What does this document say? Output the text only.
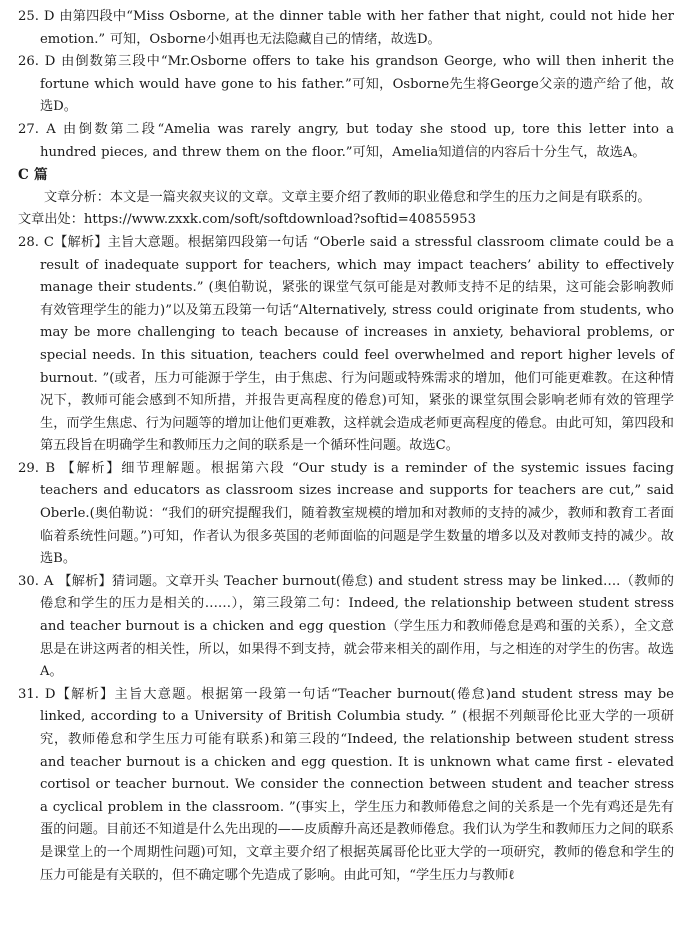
25. D 由第四段中“Miss Osborne, at the dinner table with her father that night, could not hide her emotion.” 可知，Osborne小姐再也无法隐藏自己的情绪，故选D。

26. D 由倒数第三段中“Mr.Osborne offers to take his grandson George, who will then inherit the fortune which would have gone to his father.”可知，Osborne先生将George父亲的遗产给了他，故选D。

27. A 由倒数第二段“Amelia was rarely angry, but today she stood up, tore this letter into a hundred pieces, and threw them on the floor.”可知，Amelia知道信的内容后十分生气，故选A。

C 篇

文章分析：本文是一篇夹叙夹议的文章。文章主要介绍了教师的职业倦怠和学生的压力之间是有联系的。

文章出处：https://www.zxxk.com/soft/softdownload?softid=40855953

28. C【解析】主旨大意题。根据第四段第一句话 “Oberle said a stressful classroom climate could be a result of inadequate support for teachers, which may impact teachers’ ability to effectively manage their students.” (奥伯勒说，紧张的课堂气氛可能是对教师支持不足的结果，这可能会影响教师有效管理学生的能力)”以及第五段第一句话“Alternatively, stress could originate from students, who may be more challenging to teach because of increases in anxiety, behavioral problems, or special needs. In this situation, teachers could feel overwhelmed and report higher levels of burnout. ”(或者，压力可能源于学生，由于焦虑、行为问题或特殊需求的增加，他们可能更难教。在这种情况下，教师可能会感到不知所措，并报告更高程度的倦怠)可知，紧张的课堂氛围会影响老师有效的管理学生，而学生焦虑、行为问题等的增加让他们更难教，这样就会造成老师更高程度的倦怠。由此可知，第四段和第五段旨在明确学生和教师压力之间的联系是一个循环性问题。故选C。

29. B 【解析】细节理解题。根据第六段 “Our study is a reminder of the systemic issues facing teachers and educators as classroom sizes increase and supports for teachers are cut,” said Oberle.(奥伯勒说：“我们的研究提醒我们，随着教室规模的增加和对教师的支持的减少，教师和教育工者面临着系统性问题。”)可知，作者认为很多英国的老师面临的问题是学生数量的增多以及对教师支持的减少。故选B。

30. A 【解析】猜词题。文章开头 Teacher burnout(倦怠) and student stress may be linked….（教师的倦怠和学生的压力是相关的……），第三段第二句：Indeed, the relationship between student stress and teacher burnout is a chicken and egg question（学生压力和教师倦怠是鸡和蛋的关系），全文意思是在讲这两者的相关性，所以，如果得不到支持，就会带来相关的副作用，与之相连的对学生的伤害。故选A。

31. D【解析】主旨大意题。根据第一段第一句话“Teacher burnout(倦怠)and student stress may be linked, according to a University of British Columbia study. ” (根据不列颠哥伦比亚大学的一项研究，教师倦怠和学生压力可能有联系)和第三段的“Indeed, the relationship between student stress and teacher burnout is a chicken and egg question. It is unknown what came first - elevated cortisol or teacher burnout. We consider the connection between student and teacher stress a cyclical problem in the classroom. ”(事实上，学生压力和教师倦怠之间的关系是一个先有鸡还是先有蛋的问题。目前还不知道是什么先出现的——皮质醇升高还是教师倦怠。我们认为学生和教师压力之间的联系是课堂上的一个周期性问题)可知，文章主要介绍了根据英属哥伦比亚大学的一项研究，教师的倦怠和学生的压力可能是有关联的，但不确定哪个先造成了影响。由此可知，“学生压力与教师ℓ
